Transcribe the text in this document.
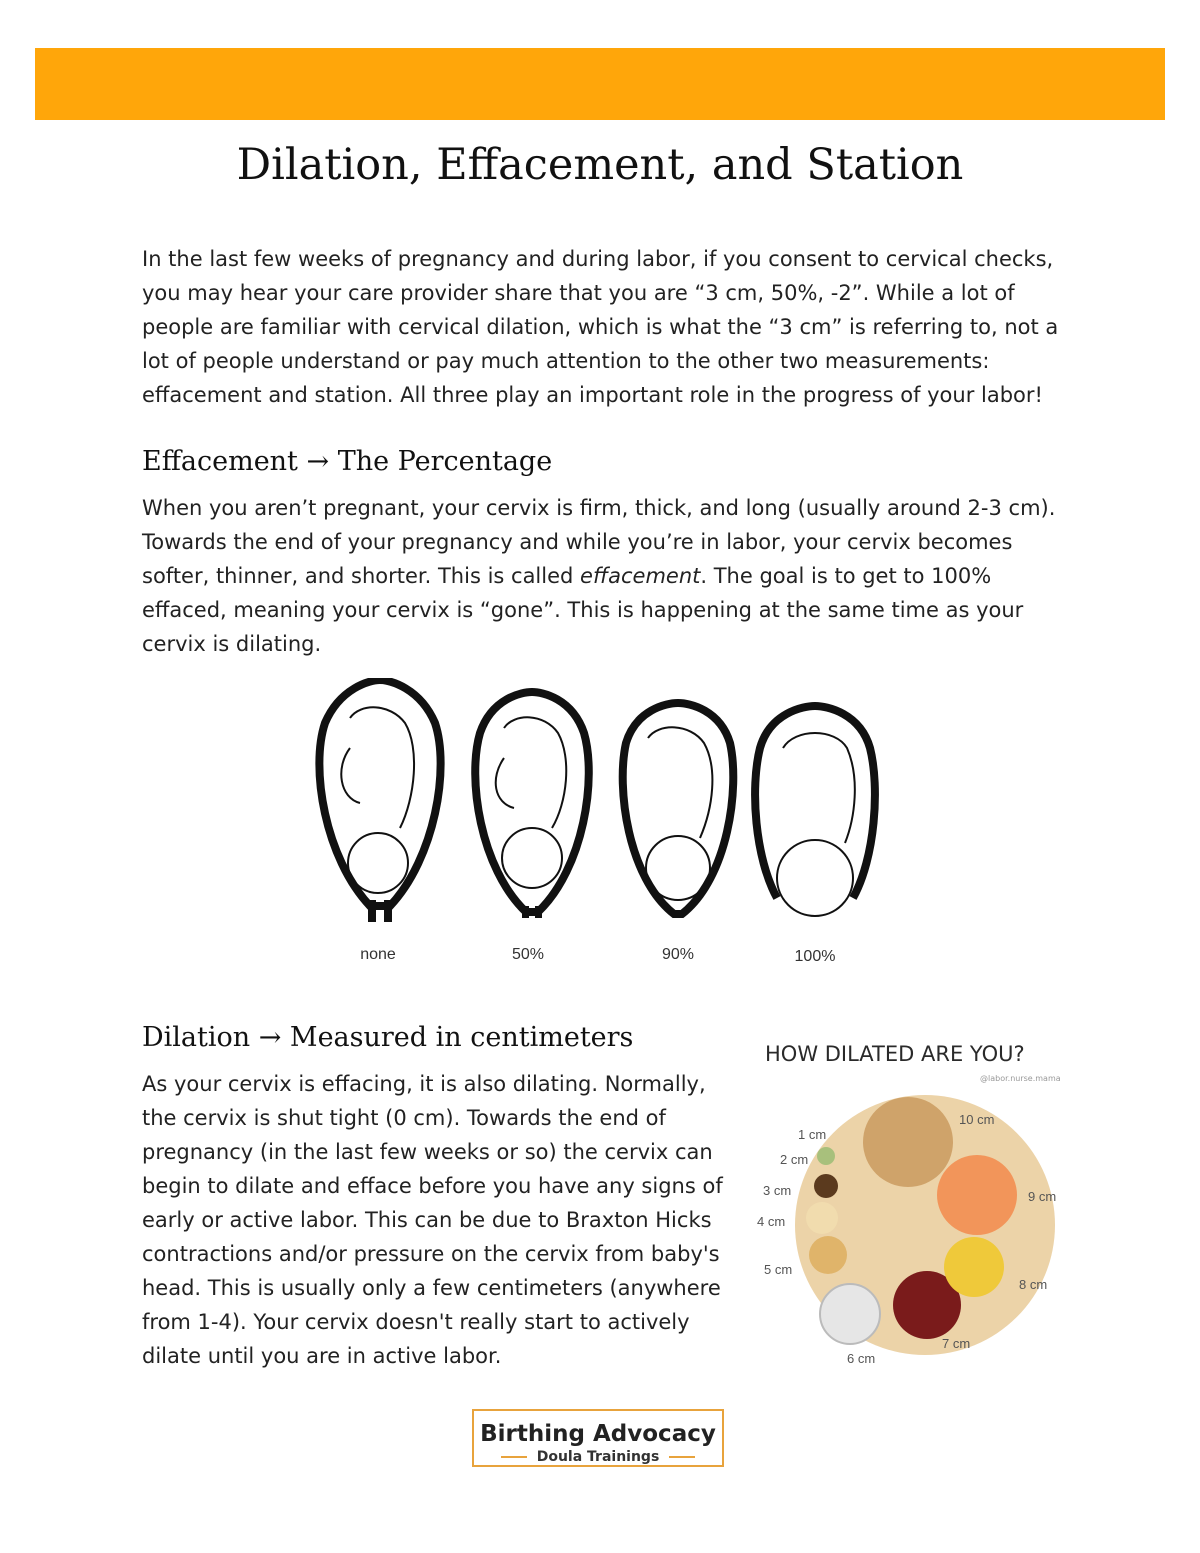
Dilation, Effacement, and Station

In the last few weeks of pregnancy and during labor, if you consent to cervical checks, you may hear your care provider share that you are “3 cm, 50%, -2”. While a lot of people are familiar with cervical dilation, which is what the “3 cm” is referring to, not a lot of people understand or pay much attention to the other two measurements: effacement and station. All three play an important role in the progress of your labor!

Effacement → The Percentage

When you aren’t pregnant, your cervix is firm, thick, and long (usually around 2-3 cm). Towards the end of your pregnancy and while you’re in labor, your cervix becomes softer, thinner, and shorter. This is called effacement. The goal is to get to 100% effaced, meaning your cervix is “gone”. This is happening at the same time as your cervix is dilating.

none	50%	90%	100%
Dilation → Measured in centimeters

As your cervix is effacing, it is also dilating. Normally, the cervix is shut tight (0 cm). Towards the end of pregnancy (in the last few weeks or so) the cervix can begin to dilate and efface before you have any signs of early or active labor. This can be due to Braxton Hicks contractions and/or pressure on the cervix from baby's head. This is usually only a few centimeters (anywhere from 1-4). Your cervix doesn't really start to actively dilate until you are in active labor.

HOW DILATED ARE YOU?

@labor.nurse.mama
1 cm
2 cm
3 cm
4 cm
5 cm
6 cm
7 cm
8 cm
9 cm
10 cm
Birthing Advocacy
Doula Trainings
